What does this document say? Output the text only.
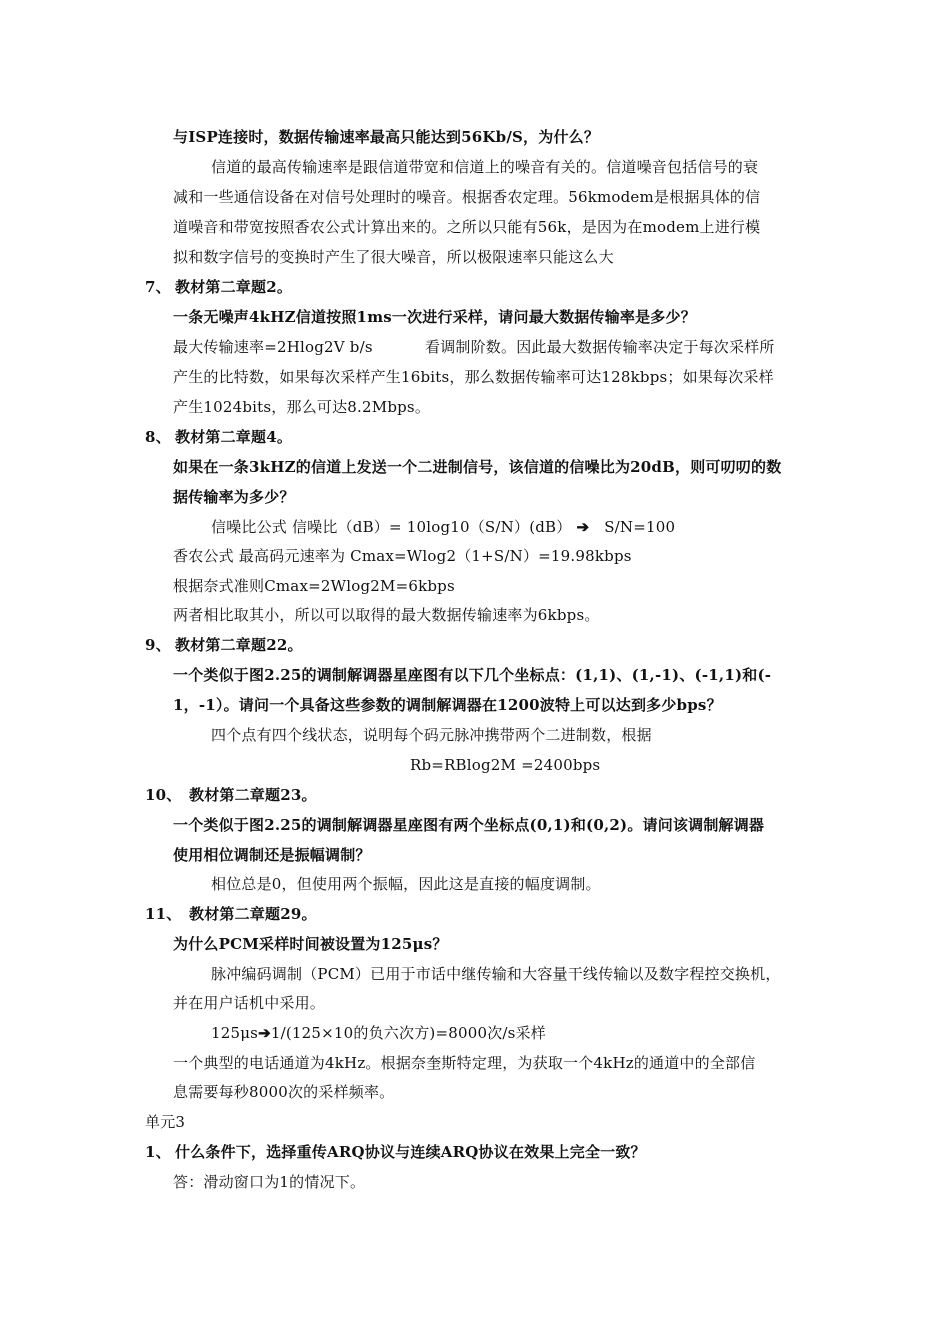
与ISP连接时，数据传输速率最高只能达到56Kb/S，为什么？
信道的最高传输速率是跟信道带宽和信道上的噪音有关的。信道噪音包括信号的衰
减和一些通信设备在对信号处理时的噪音。根据香农定理。56kmodem是根据具体的信
道噪音和带宽按照香农公式计算出来的。之所以只能有56k，是因为在modem上进行模
拟和数字信号的变换时产生了很大噪音，所以极限速率只能这么大
7、 教材第二章题2。
一条无噪声4kHZ信道按照1ms一次进行采样，请问最大数据传输率是多少？
最大传输速率=2Hlog2V b/s	看调制阶数。因此最大数据传输率决定于每次采样所
产生的比特数，如果每次采样产生16bits，那么数据传输率可达128kbps；如果每次采样
产生1024bits，那么可达8.2Mbps。
8、 教材第二章题4。
如果在一条3kHZ的信道上发送一个二进制信号，该信道的信噪比为20dB，则可叨叨的数
据传输率为多少？
信噪比公式 信噪比（dB）= 10log10（S/N）(dB） ➔ S/N=100
香农公式 最高码元速率为 Cmax=Wlog2（1+S/N）=19.98kbps
根据奈式准则Cmax=2Wlog2M=6kbps
两者相比取其小，所以可以取得的最大数据传输速率为6kbps。
9、 教材第二章题22。
一个类似于图2.25的调制解调器星座图有以下几个坐标点：(1,1)、(1,-1)、(-1,1)和(-
1，-1）。请问一个具备这些参数的调制解调器在1200波特上可以达到多少bps？
四个点有四个线状态，说明每个码元脉冲携带两个二进制数，根据
Rb=RBlog2M =2400bps
10、 教材第二章题23。
一个类似于图2.25的调制解调器星座图有两个坐标点(0,1)和(0,2)。请问该调制解调器
使用相位调制还是振幅调制？
相位总是0，但使用两个振幅，因此这是直接的幅度调制。
11、 教材第二章题29。
为什么PCM采样时间被设置为125μs？
脉冲编码调制（PCM）已用于市话中继传输和大容量干线传输以及数字程控交换机，
并在用户话机中采用。
125μs➔1/(125×10的负六次方)=8000次/s采样
一个典型的电话通道为4kHz。根据奈奎斯特定理，为获取一个4kHz的通道中的全部信
息需要每秒8000次的采样频率。
单元3
1、 什么条件下，选择重传ARQ协议与连续ARQ协议在效果上完全一致？
答：滑动窗口为1的情况下。
